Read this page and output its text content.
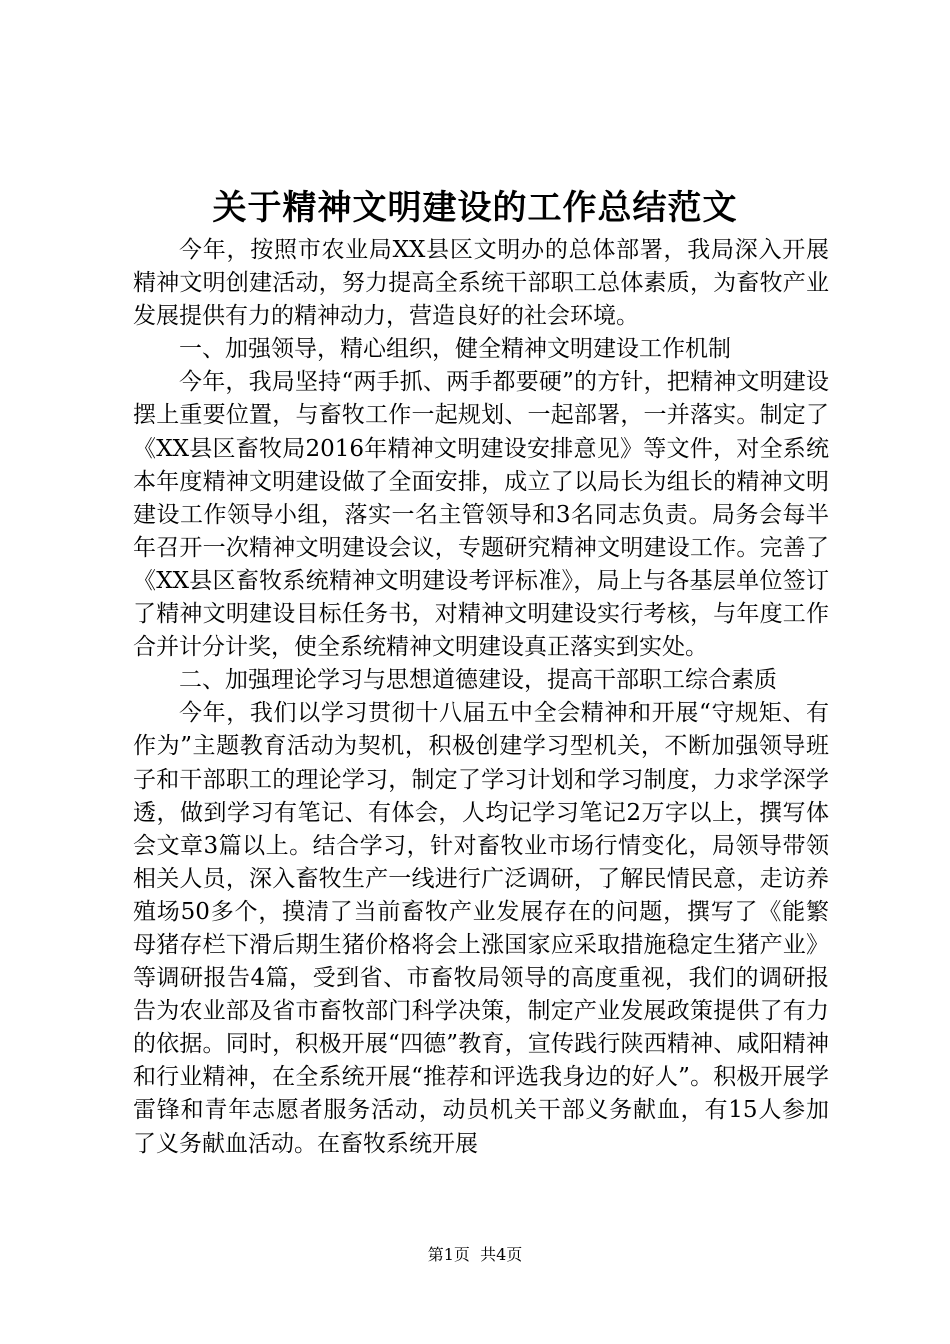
关于精神文明建设的工作总结范文

今年，按照市农业局XX县区文明办的总体部署，我局深入开展精神文明创建活动，努力提高全系统干部职工总体素质，为畜牧产业发展提供有力的精神动力，营造良好的社会环境。

一、加强领导，精心组织，健全精神文明建设工作机制

今年，我局坚持“两手抓、两手都要硬”的方针，把精神文明建设摆上重要位置，与畜牧工作一起规划、一起部署，一并落实。制定了《XX县区畜牧局2016年精神文明建设安排意见》等文件，对全系统本年度精神文明建设做了全面安排，成立了以局长为组长的精神文明建设工作领导小组，落实一名主管领导和3名同志负责。局务会每半年召开一次精神文明建设会议，专题研究精神文明建设工作。完善了《XX县区畜牧系统精神文明建设考评标准》，局上与各基层单位签订了精神文明建设目标任务书，对精神文明建设实行考核，与年度工作合并计分计奖，使全系统精神文明建设真正落实到实处。

二、加强理论学习与思想道德建设，提高干部职工综合素质

今年，我们以学习贯彻十八届五中全会精神和开展“守规矩、有作为”主题教育活动为契机，积极创建学习型机关，不断加强领导班子和干部职工的理论学习，制定了学习计划和学习制度，力求学深学透，做到学习有笔记、有体会，人均记学习笔记2万字以上，撰写体会文章3篇以上。结合学习，针对畜牧业市场行情变化，局领导带领相关人员，深入畜牧生产一线进行广泛调研，了解民情民意，走访养殖场50多个，摸清了当前畜牧产业发展存在的问题，撰写了《能繁母猪存栏下滑后期生猪价格将会上涨国家应采取措施稳定生猪产业》等调研报告4篇，受到省、市畜牧局领导的高度重视，我们的调研报告为农业部及省市畜牧部门科学决策，制定产业发展政策提供了有力的依据。同时，积极开展“四德”教育，宣传践行陕西精神、咸阳精神和行业精神，在全系统开展“推荐和评选我身边的好人”。积极开展学雷锋和青年志愿者服务活动，动员机关干部义务献血，有15人参加了义务献血活动。在畜牧系统开展

第1页  共4页
